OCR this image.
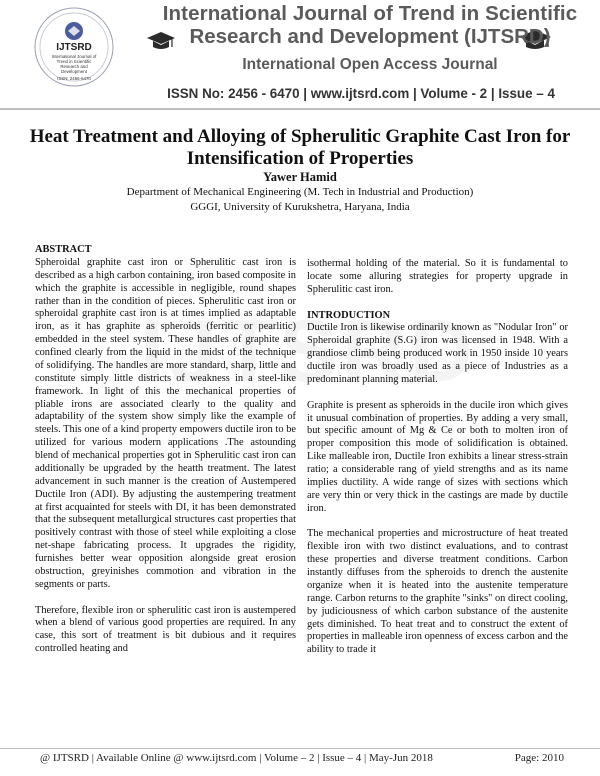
IJTSRD
International Journal of
Trend in Scientific
Research and
Development
ISSN: 2456-6470
International Journal of Trend in Scientific
Research and Development (IJTSRD)
International Open Access Journal
ISSN No: 2456 - 6470 | www.ijtsrd.com | Volume - 2 | Issue – 4
Heat Treatment and Alloying of Spherulitic Graphite Cast Iron for Intensification of Properties
Yawer Hamid
Department of Mechanical Engineering (M. Tech in Industrial and Production)
GGGI, University of Kurukshetra, Haryana, India
ABSTRACT

Spheroidal graphite cast iron or Spherulitic cast iron is described as a high carbon containing, iron based composite in which the graphite is accessible in negligible, round shapes rather than in the condition of pieces. Spherulitic cast iron or spheroidal graphite cast iron is at times implied as adaptable iron, as it has graphite as spheroids (ferritic or pearlitic) embedded in the steel system. These handles of graphite are confined clearly from the liquid in the midst of the technique of solidifying. The handles are more standard, sharp, little and constitute simply little districts of weakness in a steel-like framework. In light of this the mechanical properties of pliable irons are associated clearly to the quality and adaptability of the system show simply like the example of steels. This one of a kind property empowers ductile iron to be utilized for various modern applications .The astounding blend of mechanical properties got in Spherulitic cast iron can additionally be upgraded by the heatth treatment. The latest advancement in such manner is the creation of Austempered Ductile Iron (ADI). By adjusting the austempering treatment at first acquainted for steels with DI, it has been demonstrated that the subsequent metallurgical structures cast properties that positively contrast with those of steel while exploiting a close net-shape fabricating process. It upgrades the rigidity, furnishes better wear opposition alongside great erosion obstruction, greyinishes commotion and vibration in the segments or parts.

Therefore, flexible iron or spherulitic cast iron is austempered when a blend of various good properties are required. In any case, this sort of treatment is bit dubious and it requires controlled heating and

isothermal holding of the material. So it is fundamental to locate some alluring strategies for property upgrade in Spherulitic cast iron.

INTRODUCTION

Ductile Iron is likewise ordinarily known as "Nodular Iron" or Spheroidal graphite (S.G) iron was licensed in 1948. With a grandiose climb being produced work in 1950 inside 10 years ductile iron was broadly used as a piece of Industries as a predominant planning material.

Graphite is present as spheroids in the ducile iron which gives it unusual combination of properties. By adding a very small, but specific amount of Mg & Ce or both to molten iron of proper composition this mode of solidification is obtained. Like malleable iron, Ductile Iron exhibits a linear stress-strain ratio; a considerable rang of yield strengths and as its name implies ductility. A wide range of sizes with sections which are very thin or very thick in the castings are made by ductile iron.

The mechanical properties and microstructure of heat treated flexible iron with two distinct evaluations, and to contrast these properties and diverse treatment conditions. Carbon instantly diffuses from the spheroids to drench the austenite organize when it is heated into the austenite temperature range. Carbon returns to the graphite "sinks" on direct cooling, by judiciousness of which carbon substance of the austenite gets diminished. To heat treat and to construct the extent of properties in malleable iron openness of excess carbon and the ability to trade it

@ IJTSRD | Available Online @ www.ijtsrd.com | Volume – 2 | Issue – 4 | May-Jun 2018	Page: 2010
